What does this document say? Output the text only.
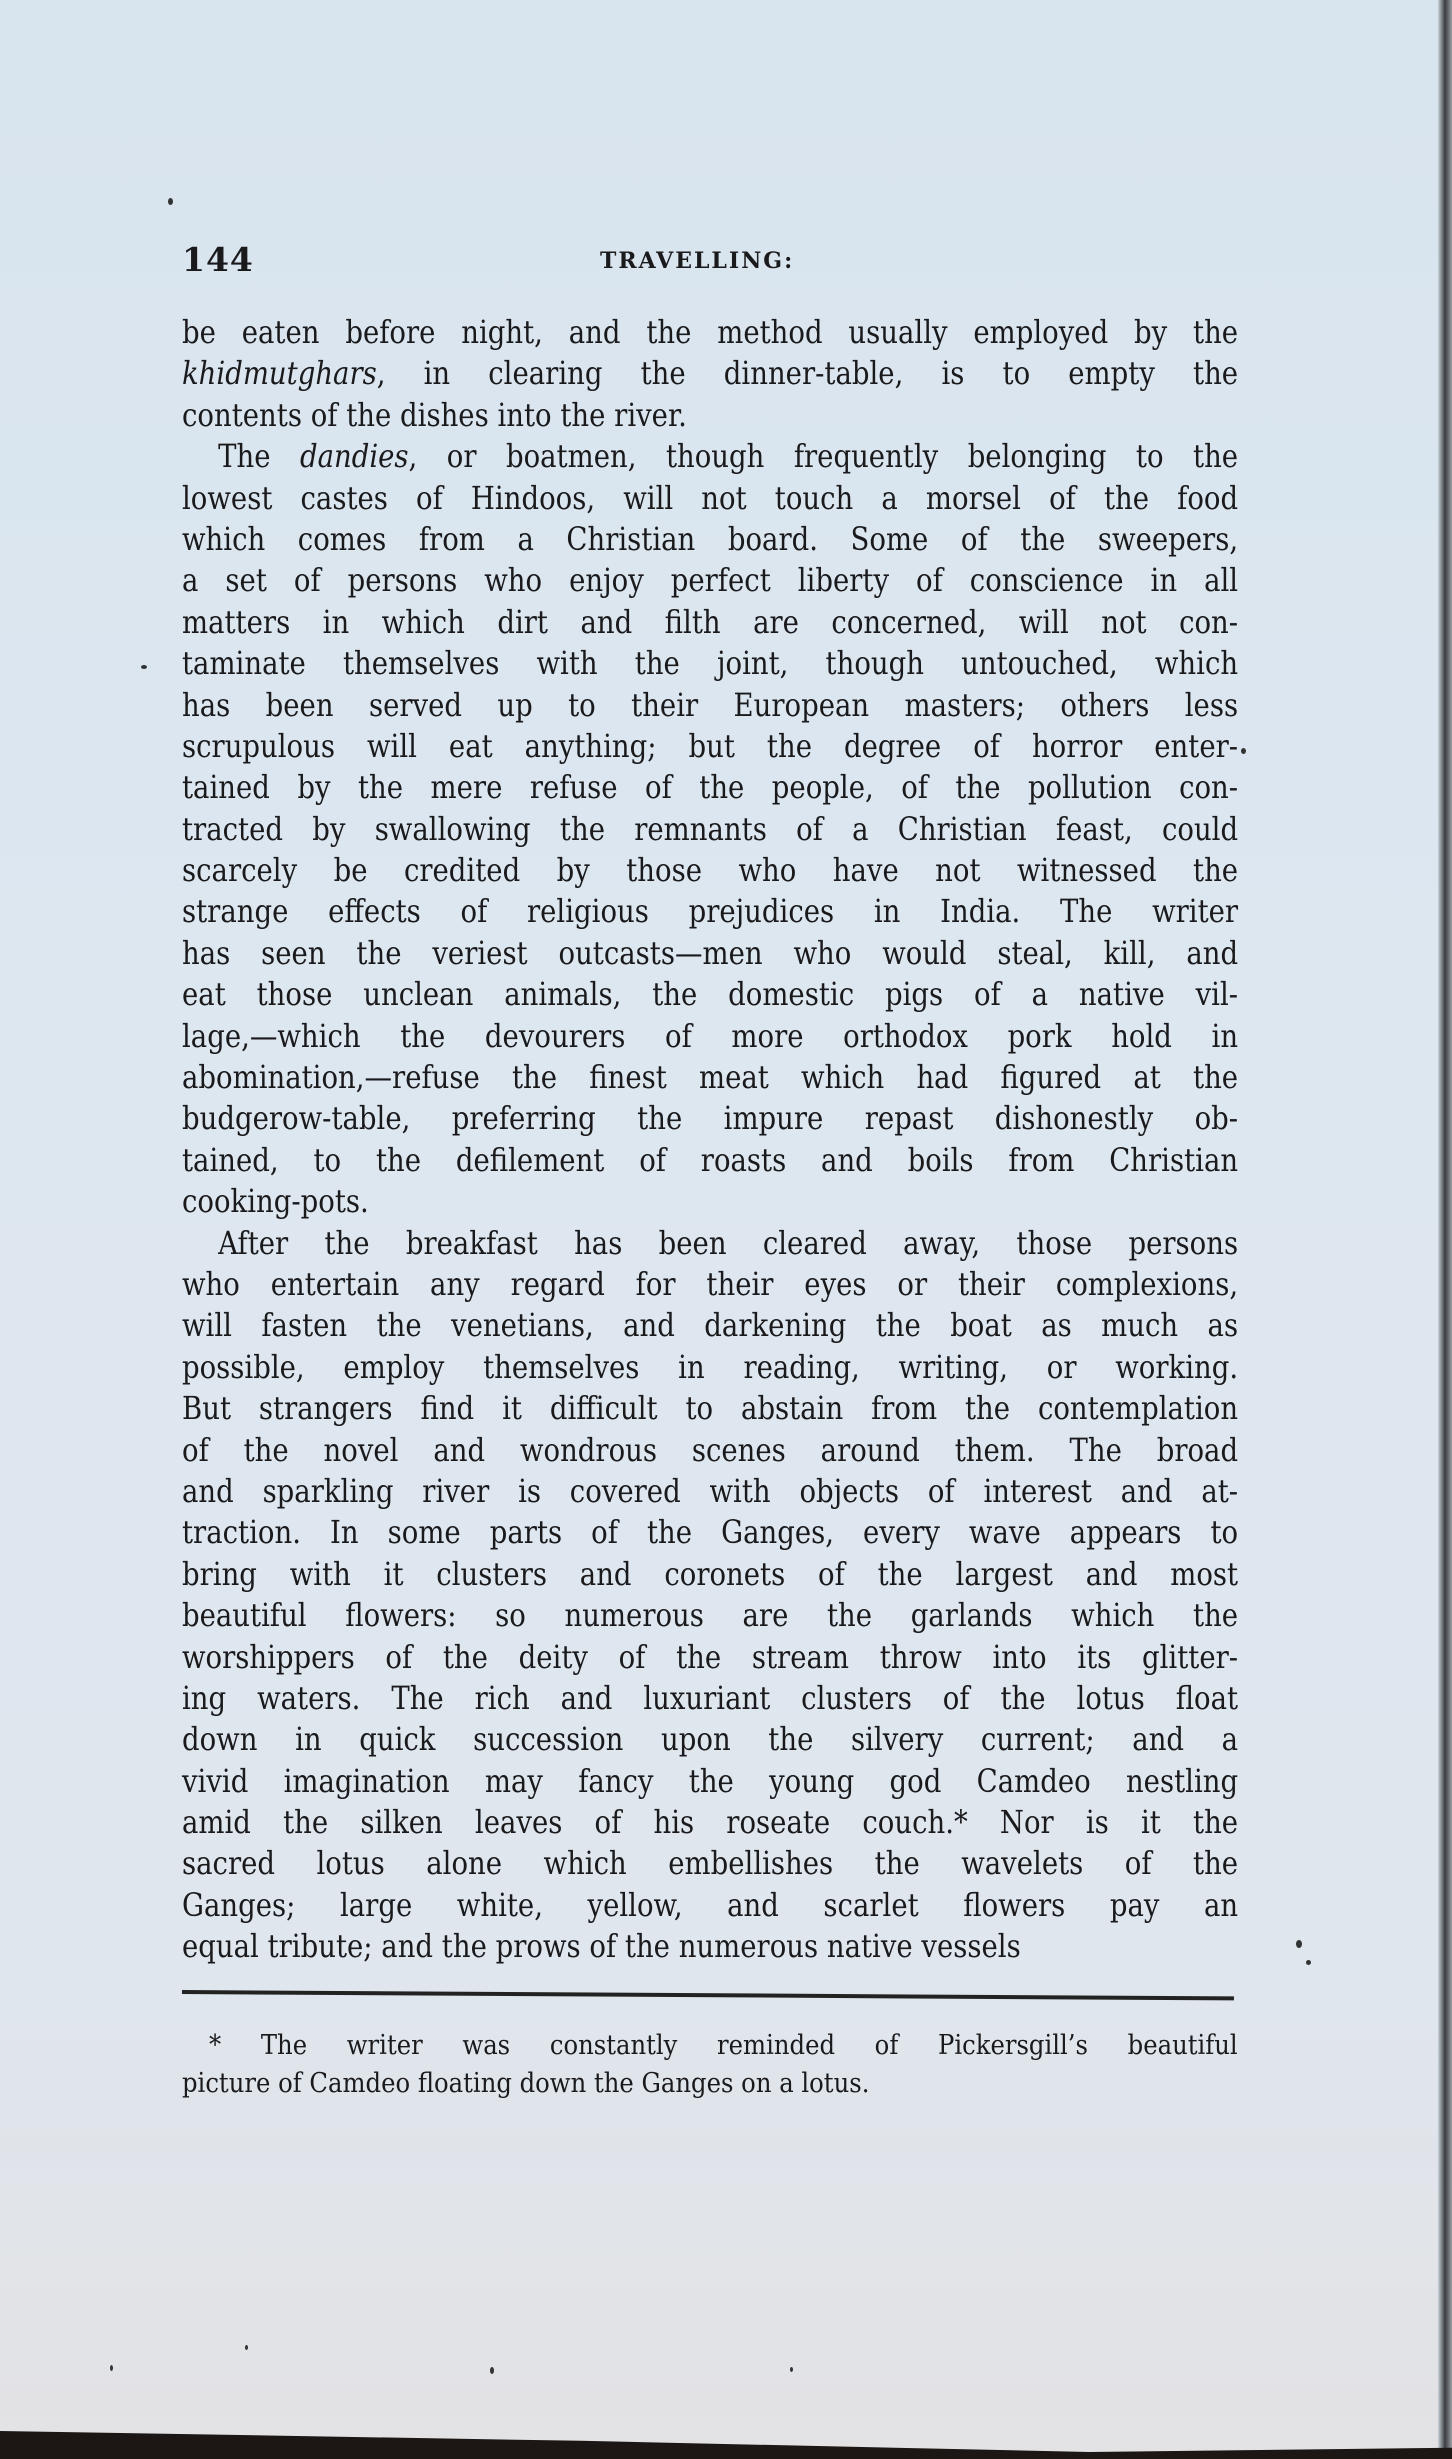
144	TRAVELLING:
be eaten before night, and the method usually employed by the
khidmutghars, in clearing the dinner-table, is to empty the
contents of the dishes into the river.
The dandies, or boatmen, though frequently belonging to the
lowest castes of Hindoos, will not touch a morsel of the food
which comes from a Christian board. Some of the sweepers,
a set of persons who enjoy perfect liberty of conscience in all
matters in which dirt and filth are concerned, will not con-
taminate themselves with the joint, though untouched, which
has been served up to their European masters; others less
scrupulous will eat anything; but the degree of horror enter-
tained by the mere refuse of the people, of the pollution con-
tracted by swallowing the remnants of a Christian feast, could
scarcely be credited by those who have not witnessed the
strange effects of religious prejudices in India. The writer
has seen the veriest outcasts—men who would steal, kill, and
eat those unclean animals, the domestic pigs of a native vil-
lage,—which the devourers of more orthodox pork hold in
abomination,—refuse the finest meat which had figured at the
budgerow-table, preferring the impure repast dishonestly ob-
tained, to the defilement of roasts and boils from Christian
cooking-pots.
After the breakfast has been cleared away, those persons
who entertain any regard for their eyes or their complexions,
will fasten the venetians, and darkening the boat as much as
possible, employ themselves in reading, writing, or working.
But strangers find it difficult to abstain from the contemplation
of the novel and wondrous scenes around them. The broad
and sparkling river is covered with objects of interest and at-
traction. In some parts of the Ganges, every wave appears to
bring with it clusters and coronets of the largest and most
beautiful flowers: so numerous are the garlands which the
worshippers of the deity of the stream throw into its glitter-
ing waters. The rich and luxuriant clusters of the lotus float
down in quick succession upon the silvery current; and a
vivid imagination may fancy the young god Camdeo nestling
amid the silken leaves of his roseate couch.* Nor is it the
sacred lotus alone which embellishes the wavelets of the
Ganges; large white, yellow, and scarlet flowers pay an
equal tribute; and the prows of the numerous native vessels
* The writer was constantly reminded of Pickersgill’s beautiful
picture of Camdeo floating down the Ganges on a lotus.
